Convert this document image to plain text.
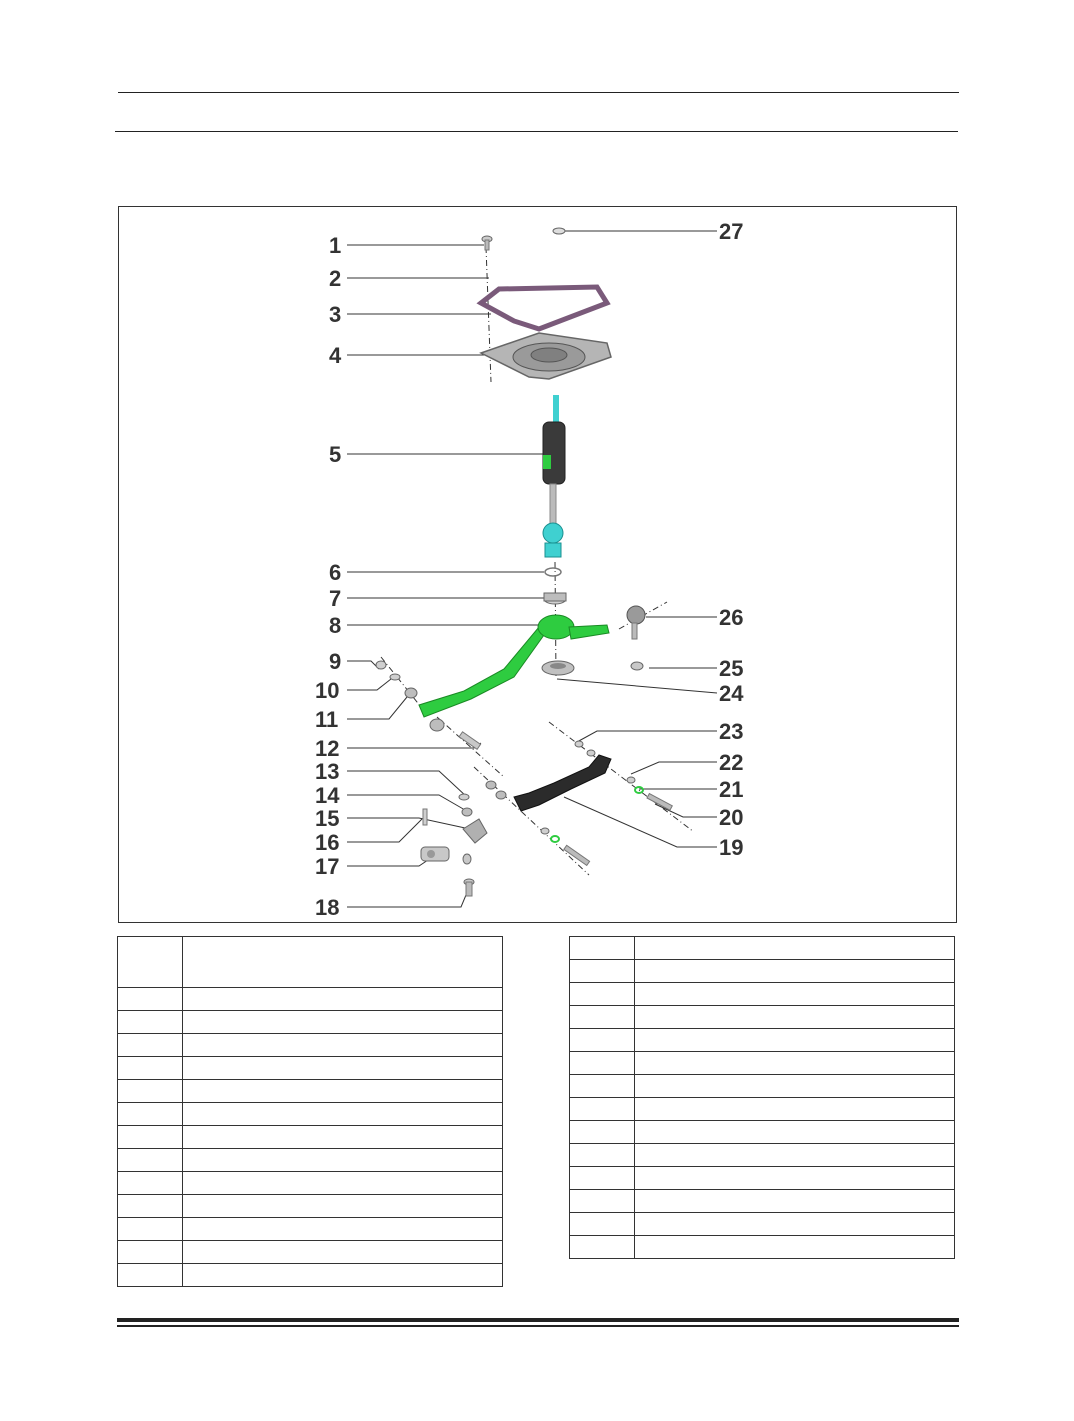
1
2
3
4
5
6
7
8
9
10
11
12
13
14
15
16
17
18
19
20
21
22
23
24
25
26
27
